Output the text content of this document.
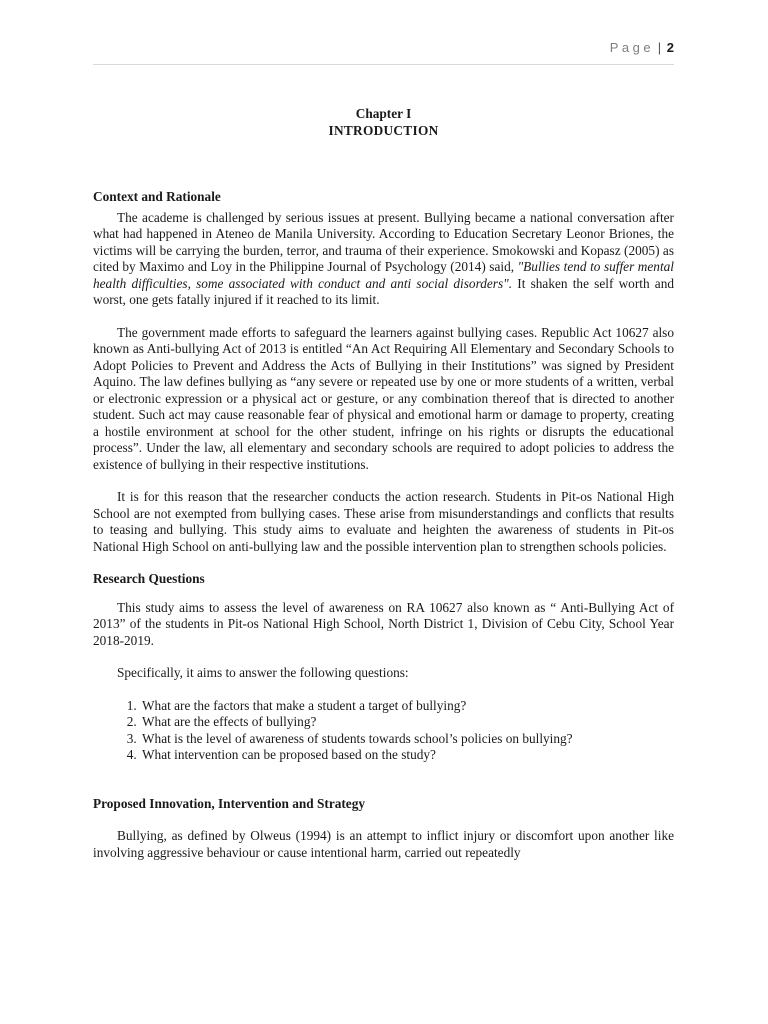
Page | 2

Chapter I

INTRODUCTION

Context and Rationale

The academe is challenged by serious issues at present. Bullying became a national conversation after what had happened in Ateneo de Manila University. According to Education Secretary Leonor Briones, the victims will be carrying the burden, terror, and trauma of their experience. Smokowski and Kopasz (2005) as cited by Maximo and Loy in the Philippine Journal of Psychology (2014) said, "Bullies tend to suffer mental health difficulties, some associated with conduct and anti social disorders". It shaken the self worth and worst, one gets fatally injured if it reached to its limit.

The government made efforts to safeguard the learners against bullying cases. Republic Act 10627 also known as Anti-bullying Act of 2013 is entitled “An Act Requiring All Elementary and Secondary Schools to Adopt Policies to Prevent and Address the Acts of Bullying in their Institutions” was signed by President Aquino. The law defines bullying as “any severe or repeated use by one or more students of a written, verbal or electronic expression or a physical act or gesture, or any combination thereof that is directed to another student. Such act may cause reasonable fear of physical and emotional harm or damage to property, creating a hostile environment at school for the other student, infringe on his rights or disrupts the educational process”. Under the law, all elementary and secondary schools are required to adopt policies to address the existence of bullying in their respective institutions.

It is for this reason that the researcher conducts the action research. Students in Pit-os National High School are not exempted from bullying cases. These arise from misunderstandings and conflicts that results to teasing and bullying. This study aims to evaluate and heighten the awareness of students in Pit-os National High School on anti-bullying law and the possible intervention plan to strengthen schools policies.

Research Questions

This study aims to assess the level of awareness on RA 10627 also known as “ Anti-Bullying Act of 2013” of the students in Pit-os National High School, North District 1, Division of Cebu City, School Year 2018-2019.

Specifically, it aims to answer the following questions:

1. What are the factors that make a student a target of bullying?
2. What are the effects of bullying?
3. What is the level of awareness of students towards school’s policies on bullying?
4. What intervention can be proposed based on the study?
Proposed Innovation, Intervention and Strategy

Bullying, as defined by Olweus (1994) is an attempt to inflict injury or discomfort upon another like involving aggressive behaviour or cause intentional harm, carried out repeatedly
